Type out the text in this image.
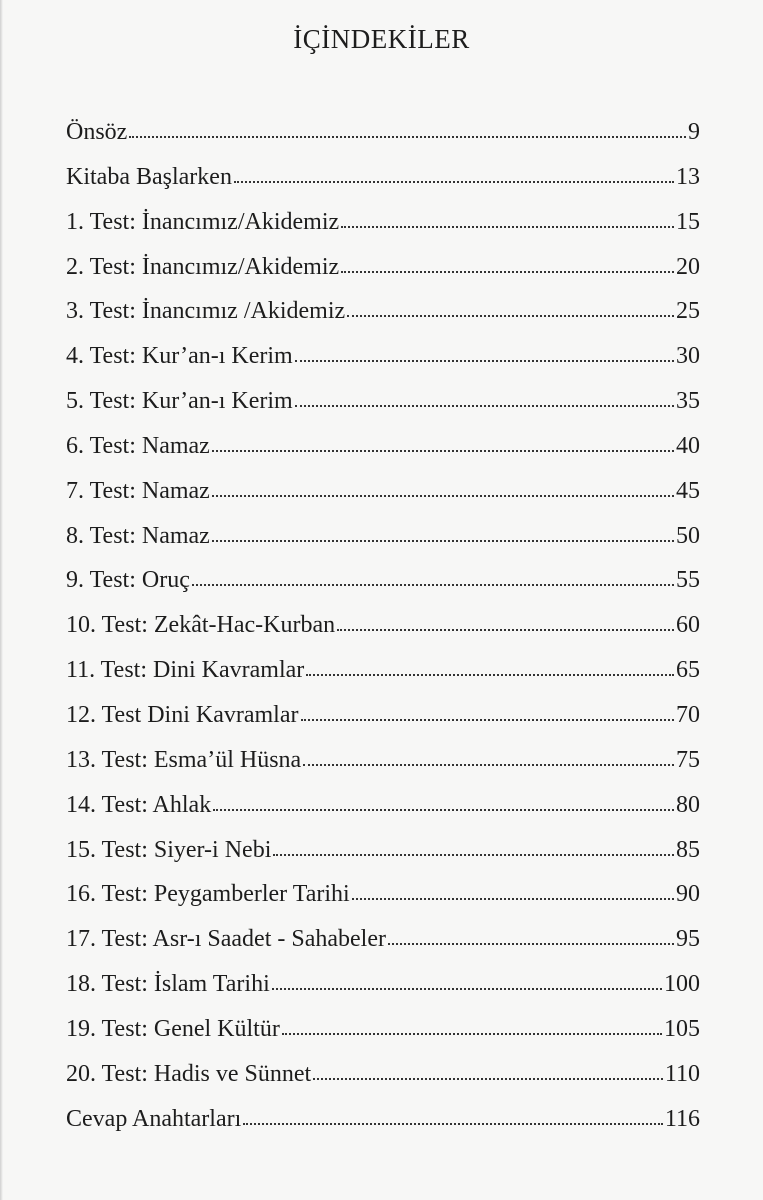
İÇİNDEKİLER
Önsöz	9
Kitaba Başlarken	13
1. Test: İnancımız/Akidemiz	15
2. Test: İnancımız/Akidemiz	20
3. Test: İnancımız /Akidemiz	25
4. Test: Kur’an-ı Kerim	30
5. Test: Kur’an-ı Kerim	35
6. Test: Namaz	40
7. Test: Namaz	45
8. Test: Namaz	50
9. Test: Oruç	55
10. Test: Zekât-Hac-Kurban	60
11. Test: Dini Kavramlar	65
12. Test Dini Kavramlar	70
13. Test: Esma’ül Hüsna	75
14. Test: Ahlak	80
15. Test: Siyer-i Nebi	85
16. Test: Peygamberler Tarihi	90
17. Test: Asr-ı Saadet - Sahabeler	95
18. Test: İslam Tarihi	100
19. Test: Genel Kültür	105
20. Test: Hadis ve Sünnet	110
Cevap Anahtarları	116
